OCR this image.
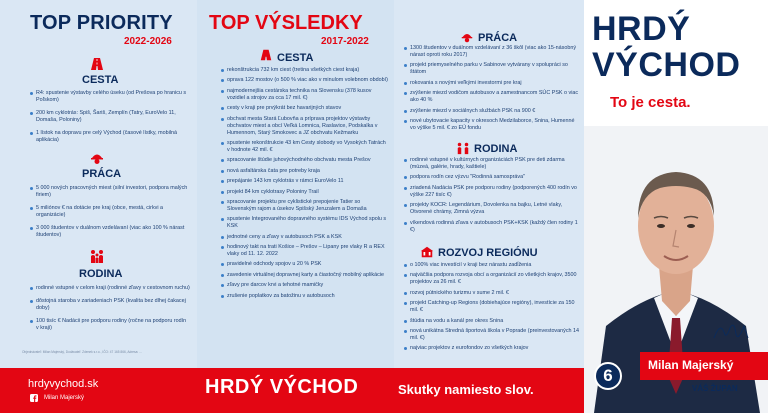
TOP PRIORITY
2022-2026
CESTA
R4: spustenie výstavby celého úseku (od Prešova po hranicu s Poľskom)
200 km cyklotrás: Spiš, Šariš, Zemplín (Tatry, EuroVelo 11, Domaša, Poloniny)
1 lístok na dopravu pre celý Východ (časové lístky, mobilná aplikácia)
PRÁCA
5 000 nových pracovných miest (silní investori, podpora malých firiem)
5 miliónov € na dotácie pre kraj (obce, mestá, cirkvi a organizácie)
3 000 študentov v duálnom vzdelávaní (viac ako 100 % nárast študentov)
RODINA
rodinné vstupné v celom kraji (rodinné zľavy v cestovnom ruchu)
dôstojná staroba v zariadeniach PSK (kvalita bez dlhej čakacej doby)
100 tisíc € Nadácii pre podporu rodiny (ročne na podporu rodín v kraji)
Objednávateľ: Milan Majerský, Dodávateľ: Zdenek s.r.o., IČO: 47 165 866, Adresa: ...
TOP VÝSLEDKY
2017-2022
CESTA
rekonštrukcia 732 km ciest (tretina všetkých ciest kraja)
oprava 122 mostov (o 500 % viac ako v minulom volebnom období)
najmodernejšia cestárska technika na Slovensku (378 kusov vozidiel a strojov za cca 17 mil. €)
cesty v kraji pre prvýkrát bez havarijných stavov
obchvat mesta Stará Ľubovňa a príprava projektov výstavby obchvatov miest a obcí Veľká Lomnica, Raslavice, Podskalka v Humennom, Starý Smokovec a JZ obchvatu Kežmarku
spustenie rekonštrukcie 43 km Cesty slobody vo Vysokých Tatrách v hodnote 42 mil. €
spracovanie štúdie juhovýchodného obchvatu mesta Prešov
nová asfaltárska čata pre potreby kraja
prepájanie 143 km cyklotrás v rámci EuroVelo 11
projekt 84 km cyklotrasy Poloniny Trail
spracovanie projektu pre cyklistické prepojenie Tatier so Slovenským rajom a úsekov Spišský Jeruzalem a Domaša
spustenie Integrovaného dopravného systému IDS Východ spolu s KSK
jednotné ceny a zľavy v autobusoch PSK a KSK
hodinový takt na trati Košice – Prešov – Lipany pre vlaky R a REX vlaky od 11. 12. 2022
pravidelné odchody spojov u 20 % PSK
zavedenie virtuálnej dopravnej karty a čiastočný mobilný aplikácie
zľavy pre darcov krvi a tehotné mamičky
zrušenie poplatkov za batožinu v autobusoch
PRÁCA
1300 študentov v duálnom vzdelávaní z 36 škôl (viac ako 15-násobný nárast oproti roku 2017)
projekt priemyselného parku v Sabinove vytvárany v spolupráci so štátom
rokovania s novými veľkými investormi pre kraj
zvýšenie miezd vodičom autobusov a zamestnancom SÚC PSK o viac ako 40 %
zvýšenie miezd v sociálnych službách PSK na 900 €
nové ubytovacie kapacity v okresoch Medzilaborce, Snina, Humenné vo výške 5 mil. € zo EÚ fondu
RODINA
rodinné vstupné v kultúrnych organizáciách PSK pre deti zdarma (múzeá, galérie, hrady, kaštiele)
podpora rodín cez výzvu "Rodinná samospráva"
zriadená Nadácia PSK pre podporu rodiny (podporených 400 rodín vo výške 227 tisíc €)
projekty KOCR: Legendárium, Dovolenka na bajku, Letné vlaky, Otvorené chrámy, Zimná výzva
víkendová rodinná zľava v autobusoch PSK+KSK (každý člen rodiny 1 €)
ROZVOJ REGIÓNU
o 100% viac investícií v kraji bez nárastu zadĺženia
najväčšia podpora rozvoja obcí a organizácií zo všetkých krajov, 3500 projektov za 26 mil. €
rozvoj pútnického turizmu v sume 2 mil. €
projekt Catching-up Regions (dobiehajúce regióny), investície za 150 mil. €
štúdia na vodu a kanál pre okres Snina
nová unikátna Stredná športová škola v Poprade (preinvestovaných 14 mil. €)
najviac projektov z eurofondov zo všetkých krajov
HRDÝ
VÝCHOD
To je cesta.
6
Milan Majerský
VÁŠ ŽUPAN
hrdyvychod.sk
Milan Majerský	HRDÝ VÝCHOD	Skutky namiesto slov.
